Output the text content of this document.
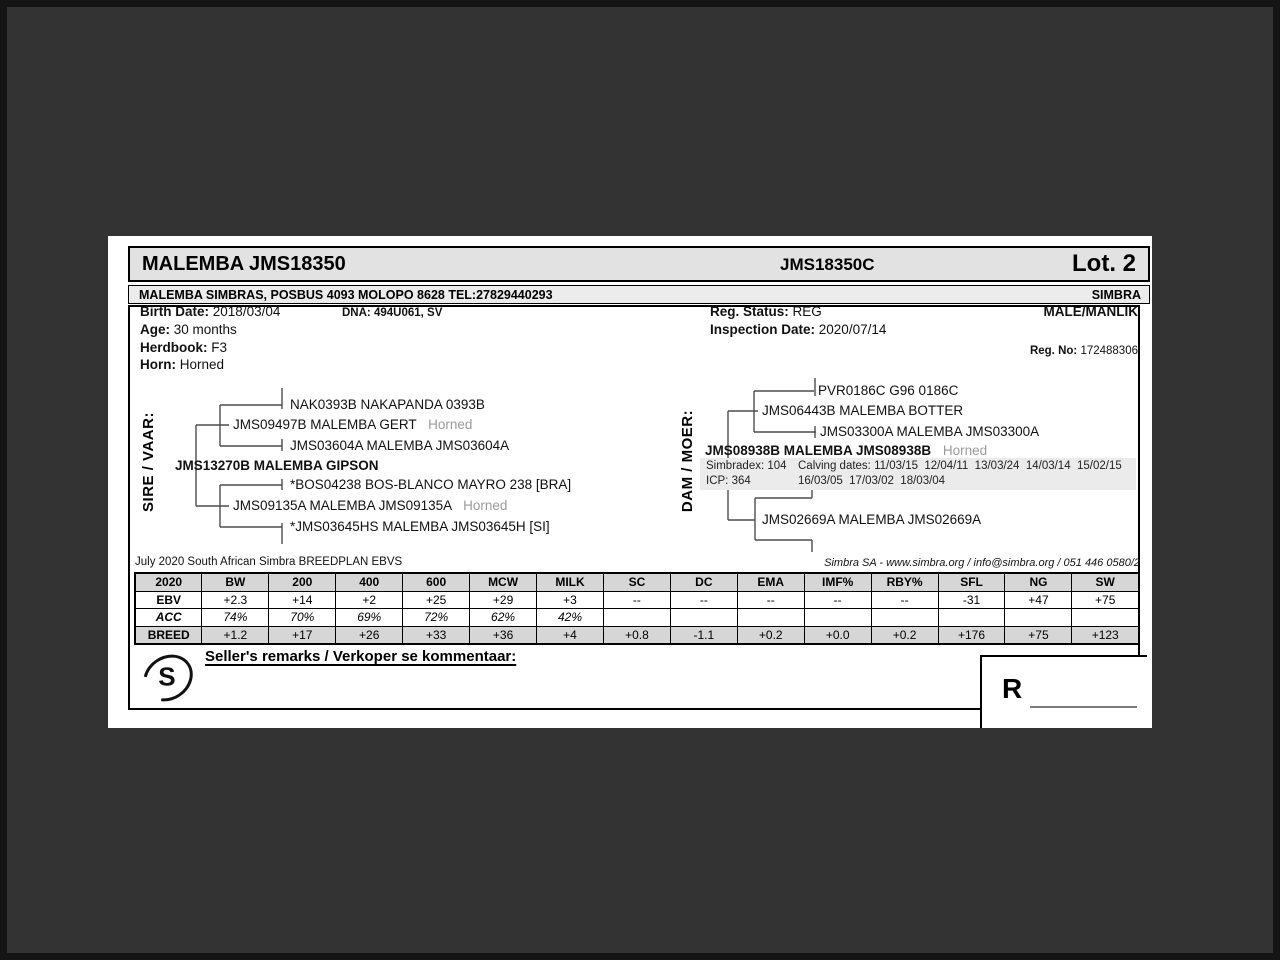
MALEMBA JMS18350	JMS18350C	Lot. 2
MALEMBA SIMBRAS, POSBUS 4093 MOLOPO 8628 TEL:27829440293	SIMBRA
Birth Date: 2018/03/04	DNA: 494U061, SV
Age: 30 months
Herdbook: F3
Horn: Horned
Reg. Status: REG
Inspection Date: 2020/07/14
MALE/MANLIK
Reg. No: 172488306
SIRE / VAAR:
NAK0393B NAKAPANDA 0393B
JMS09497B MALEMBA GERT Horned
JMS03604A MALEMBA JMS03604A
JMS13270B MALEMBA GIPSON
*BOS04238 BOS-BLANCO MAYRO 238 [BRA]
JMS09135A MALEMBA JMS09135A Horned
*JMS03645HS MALEMBA JMS03645H [SI]
DAM / MOER:
PVR0186C G96 0186C
JMS06443B MALEMBA BOTTER
JMS03300A MALEMBA JMS03300A
JMS08938B MALEMBA JMS08938B Horned
Simbradex: 104
ICP: 364
Calving dates: 11/03/15  12/04/11  13/03/24  14/03/14  15/02/15
16/03/05  17/03/02  18/03/04
JMS02669A MALEMBA JMS02669A
July 2020 South African Simbra BREEDPLAN EBVS	Simbra SA - www.simbra.org / info@simbra.org / 051 446 0580/2
2020	BW	200	400	600	MCW	MILK	SC	DC	EMA	IMF%	RBY%	SFL	NG	SW
EBV	+2.3	+14	+2	+25	+29	+3	--	--	--	--	--	-31	+47	+75
ACC	74%	70%	69%	72%	62%	42%								
BREED	+1.2	+17	+26	+33	+36	+4	+0.8	-1.1	+0.2	+0.0	+0.2	+176	+75	+123
S
Seller's remarks / Verkoper se kommentaar:
R
